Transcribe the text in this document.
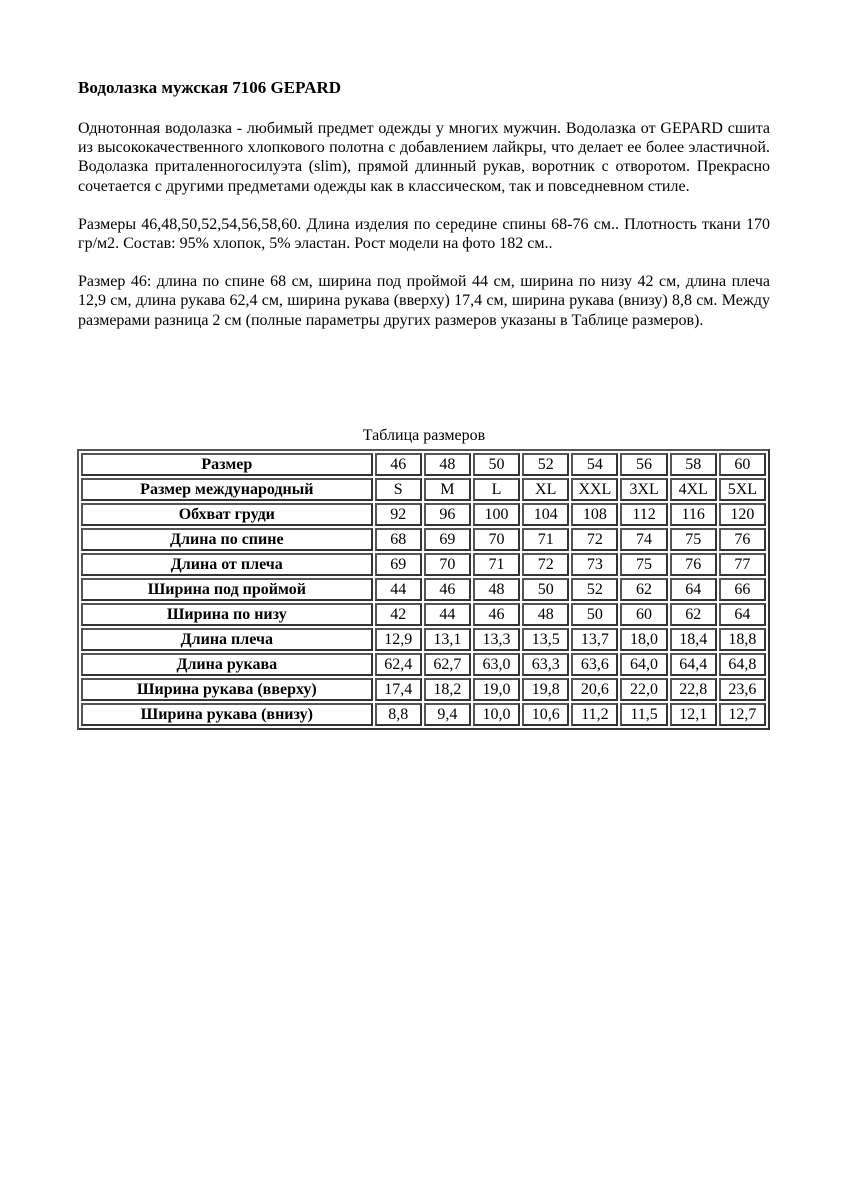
Водолазка мужская 7106 GEPARD

Однотонная водолазка - любимый предмет одежды у многих мужчин. Водолазка от GEPARD сшита из высококачественного хлопкового полотна с добавлением лайкры, что делает ее более эластичной. Водолазка приталенногосилуэта (slim), прямой длинный рукав, воротник с отворотом. Прекрасно сочетается с другими предметами одежды как в классическом, так и повседневном стиле.

Размеры 46,48,50,52,54,56,58,60. Длина изделия по середине спины 68-76 см.. Плотность ткани 170 гр/м2. Состав: 95% хлопок, 5% эластан. Рост модели на фото 182 см..

Размер 46: длина по спине 68 см, ширина под проймой 44 см, ширина по низу 42 см, длина плеча 12,9 см, длина рукава 62,4 см, ширина рукава (вверху) 17,4 см, ширина рукава (внизу) 8,8 см. Между размерами разница 2 см (полные параметры других размеров указаны в Таблице размеров).

Таблица размеров
Размер	46	48	50	52	54	56	58	60
Размер международный	S	M	L	XL	XXL	3XL	4XL	5XL
Обхват груди	92	96	100	104	108	112	116	120
Длина по спине	68	69	70	71	72	74	75	76
Длина от плеча	69	70	71	72	73	75	76	77
Ширина под проймой	44	46	48	50	52	62	64	66
Ширина по низу	42	44	46	48	50	60	62	64
Длина плеча	12,9	13,1	13,3	13,5	13,7	18,0	18,4	18,8
Длина рукава	62,4	62,7	63,0	63,3	63,6	64,0	64,4	64,8
Ширина рукава (вверху)	17,4	18,2	19,0	19,8	20,6	22,0	22,8	23,6
Ширина рукава (внизу)	8,8	9,4	10,0	10,6	11,2	11,5	12,1	12,7
